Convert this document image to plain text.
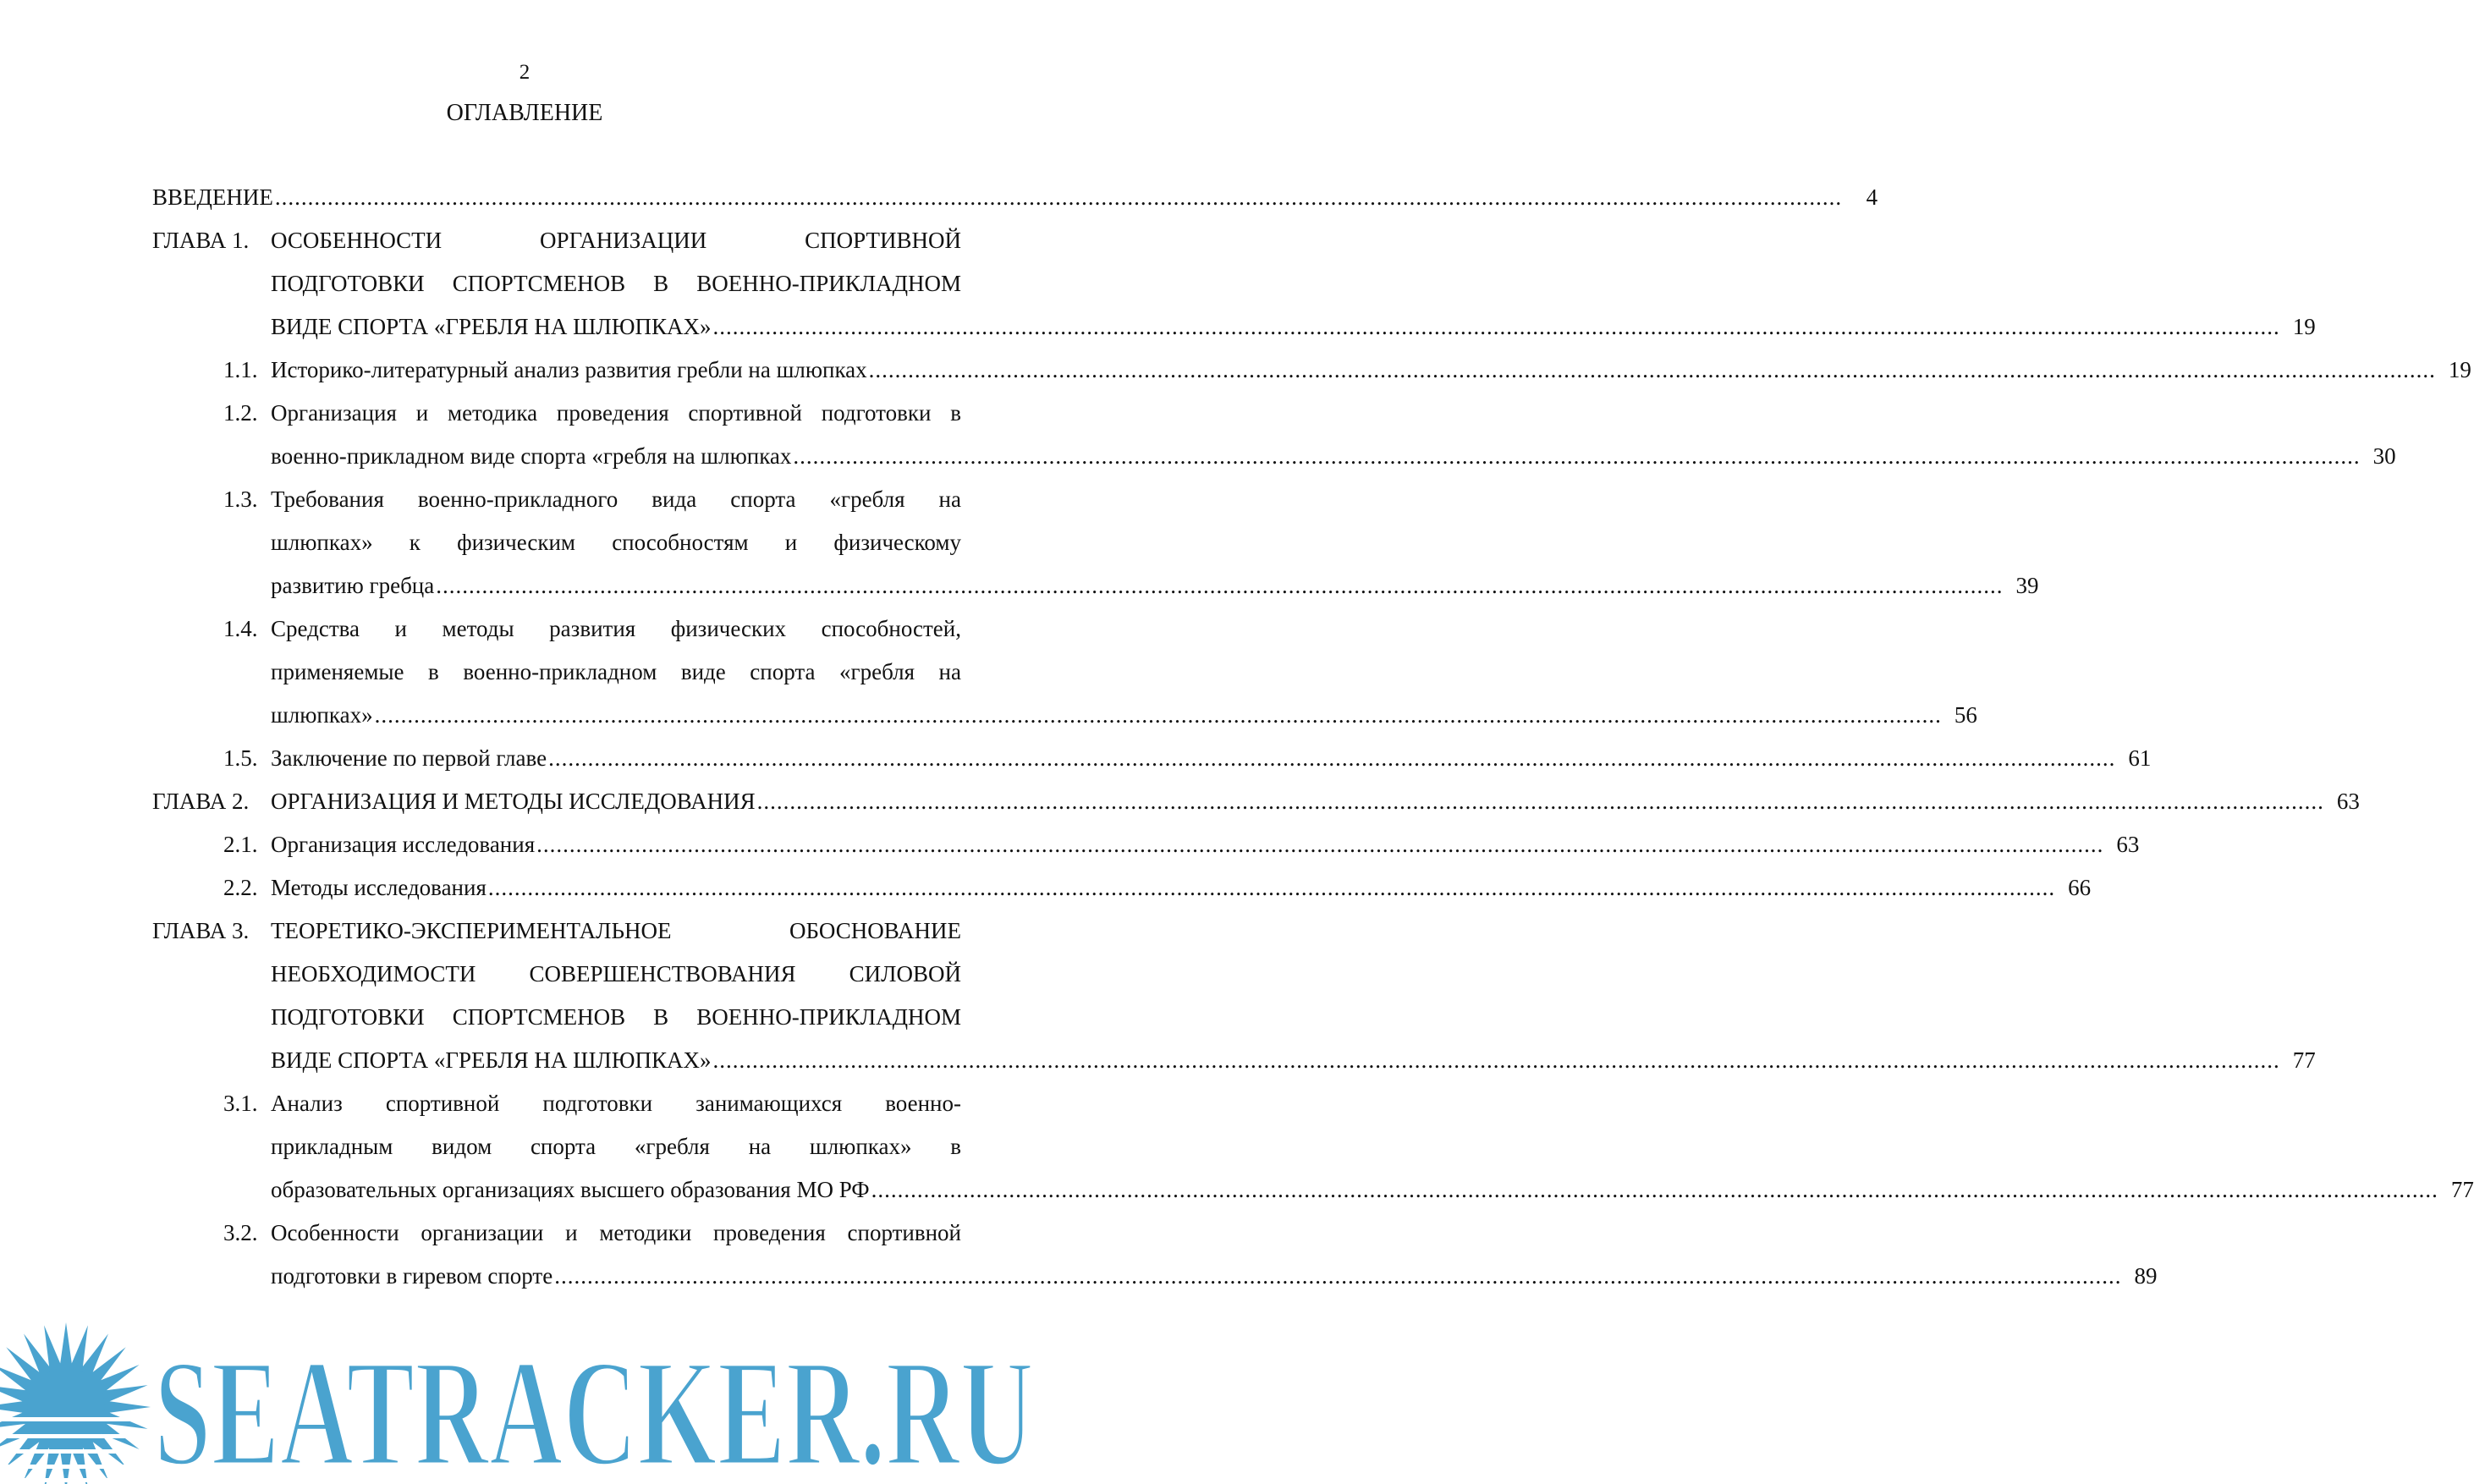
2
ОГЛАВЛЕНИЕ
ВВЕДЕНИЕ .....	4
ГЛАВА 1. ОСОБЕННОСТИ ОРГАНИЗАЦИИ СПОРТИВНОЙ
ПОДГОТОВКИ СПОРТСМЕНОВ В ВОЕННО-ПРИКЛАДНОМ
ВИДЕ СПОРТА «ГРЕБЛЯ НА ШЛЮПКАХ» .....	19
1.1. Историко-литературный анализ развития гребли на шлюпках .....	19
1.2. Организация и методика проведения спортивной подготовки в
военно-прикладном виде спорта «гребля на шлюпках .....	30
1.3. Требования военно-прикладного вида спорта «гребля на
шлюпках» к физическим способностям и физическому
развитию гребца .....	39
1.4. Средства и методы развития физических способностей,
применяемые в военно-прикладном виде спорта «гребля на
шлюпках» .....	56
1.5. Заключение по первой главе .....	61
ГЛАВА 2. ОРГАНИЗАЦИЯ И МЕТОДЫ ИССЛЕДОВАНИЯ .....	63
2.1. Организация исследования .....	63
2.2. Методы исследования .....	66
ГЛАВА 3. ТЕОРЕТИКО-ЭКСПЕРИМЕНТАЛЬНОЕ ОБОСНОВАНИЕ
НЕОБХОДИМОСТИ СОВЕРШЕНСТВОВАНИЯ СИЛОВОЙ
ПОДГОТОВКИ СПОРТСМЕНОВ В ВОЕННО-ПРИКЛАДНОМ
ВИДЕ СПОРТА «ГРЕБЛЯ НА ШЛЮПКАХ» .....	77
3.1. Анализ спортивной подготовки занимающихся военно-
прикладным видом спорта «гребля на шлюпках» в
образовательных организациях высшего образования МО РФ .....	77
3.2. Особенности организации и методики проведения спортивной
подготовки в гиревом спорте .....	89
SEATRACKER.RU
